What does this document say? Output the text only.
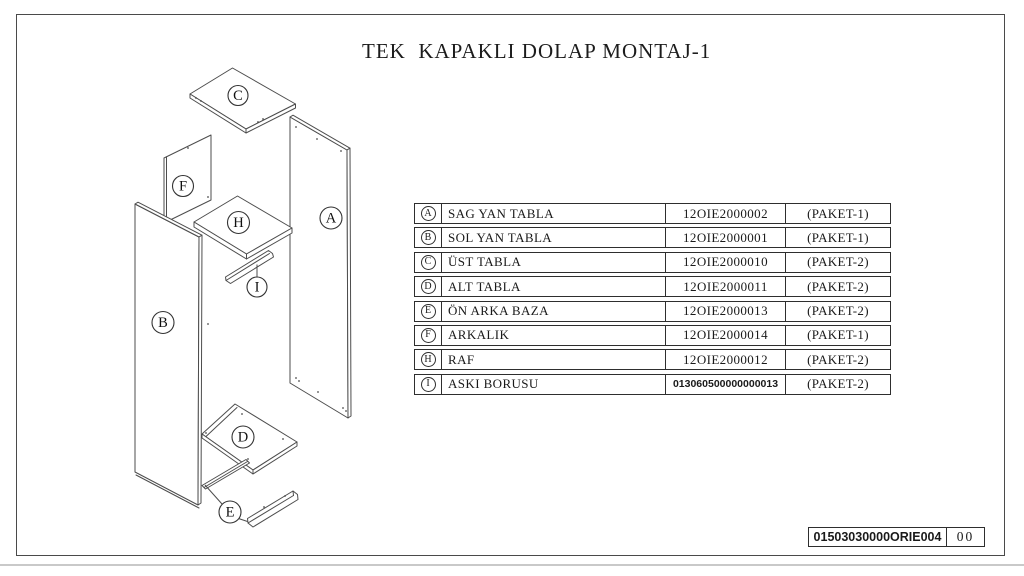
TEK  KAPAKLI DOLAP MONTAJ-1
C
F
A
H
I
B
D
E
A	SAG YAN TABLA	12OIE2000002	(PAKET-1)
B	SOL YAN TABLA	12OIE2000001	(PAKET-1)
C	ÜST TABLA	12OIE2000010	(PAKET-2)
D	ALT TABLA	12OIE2000011	(PAKET-2)
E	ÖN ARKA BAZA	12OIE2000013	(PAKET-2)
F	ARKALIK	12OIE2000014	(PAKET-1)
H	RAF	12OIE2000012	(PAKET-2)
I	ASKI BORUSU	013060500000000013	(PAKET-2)
01503030000ORIE004	00
